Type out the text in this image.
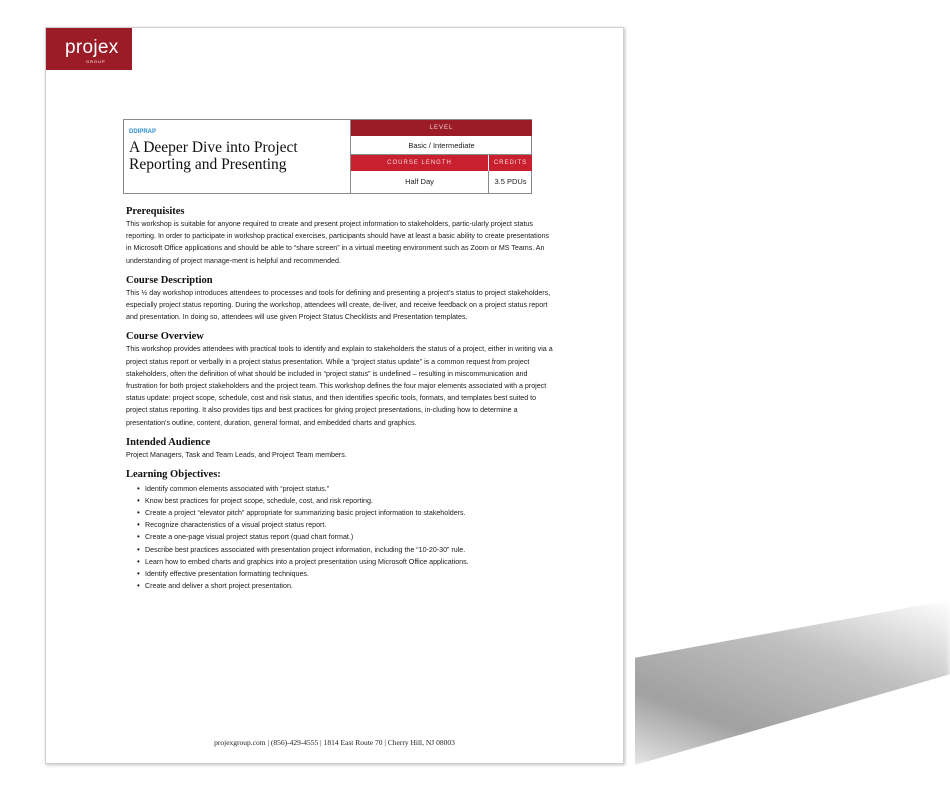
projex
GROUP
DDIPRAP
A Deeper Dive into Project Reporting and Presenting
LEVEL
Basic / Intermediate
COURSE LENGTH	CREDITS
Half Day	3.5 PDUs
Prerequisites

This workshop is suitable for anyone required to create and present project information to stakeholders, partic-ularly project status reporting. In order to participate in workshop practical exercises, participants should have at least a basic ability to create presentations in Microsoft Office applications and should be able to “share screen” in a virtual meeting environment such as Zoom or MS Teams. An understanding of project manage-ment is helpful and recommended.

Course Description

This ½ day workshop introduces attendees to processes and tools for defining and presenting a project’s status to project stakeholders, especially project status reporting. During the workshop, attendees will create, de-liver, and receive feedback on a project status report and presentation. In doing so, attendees will use given Project Status Checklists and Presentation templates.

Course Overview

This workshop provides attendees with practical tools to identify and explain to stakeholders the status of a project, either in writing via a project status report or verbally in a project status presentation. While a “project status update” is a common request from project stakeholders, often the definition of what should be included in “project status” is undefined – resulting in miscommunication and frustration for both project stakeholders and the project team. This workshop defines the four major elements associated with a project status update: project scope, schedule, cost and risk status, and then identifies specific tools, formats, and templates best suited to project status reporting. It also provides tips and best practices for giving project presentations, in-cluding how to determine a presentation’s outline, content, duration, general format, and embedded charts and graphics.

Intended Audience

Project Managers, Task and Team Leads, and Project Team members.

Learning Objectives:
• Identify common elements associated with “project status.”
• Know best practices for project scope, schedule, cost, and risk reporting.
• Create a project “elevator pitch” appropriate for summarizing basic project information to stakeholders.
• Recognize characteristics of a visual project status report.
• Create a one-page visual project status report (quad chart format.)
• Describe best practices associated with presentation project information, including the “10-20-30” rule.
• Learn how to embed charts and graphics into a project presentation using Microsoft Office applications.
• Identify effective presentation formatting techniques.
• Create and deliver a short project presentation.
projexgroup.com | (856)-429-4555 | 1814 East Route 70 | Cherry Hill, NJ 08003
